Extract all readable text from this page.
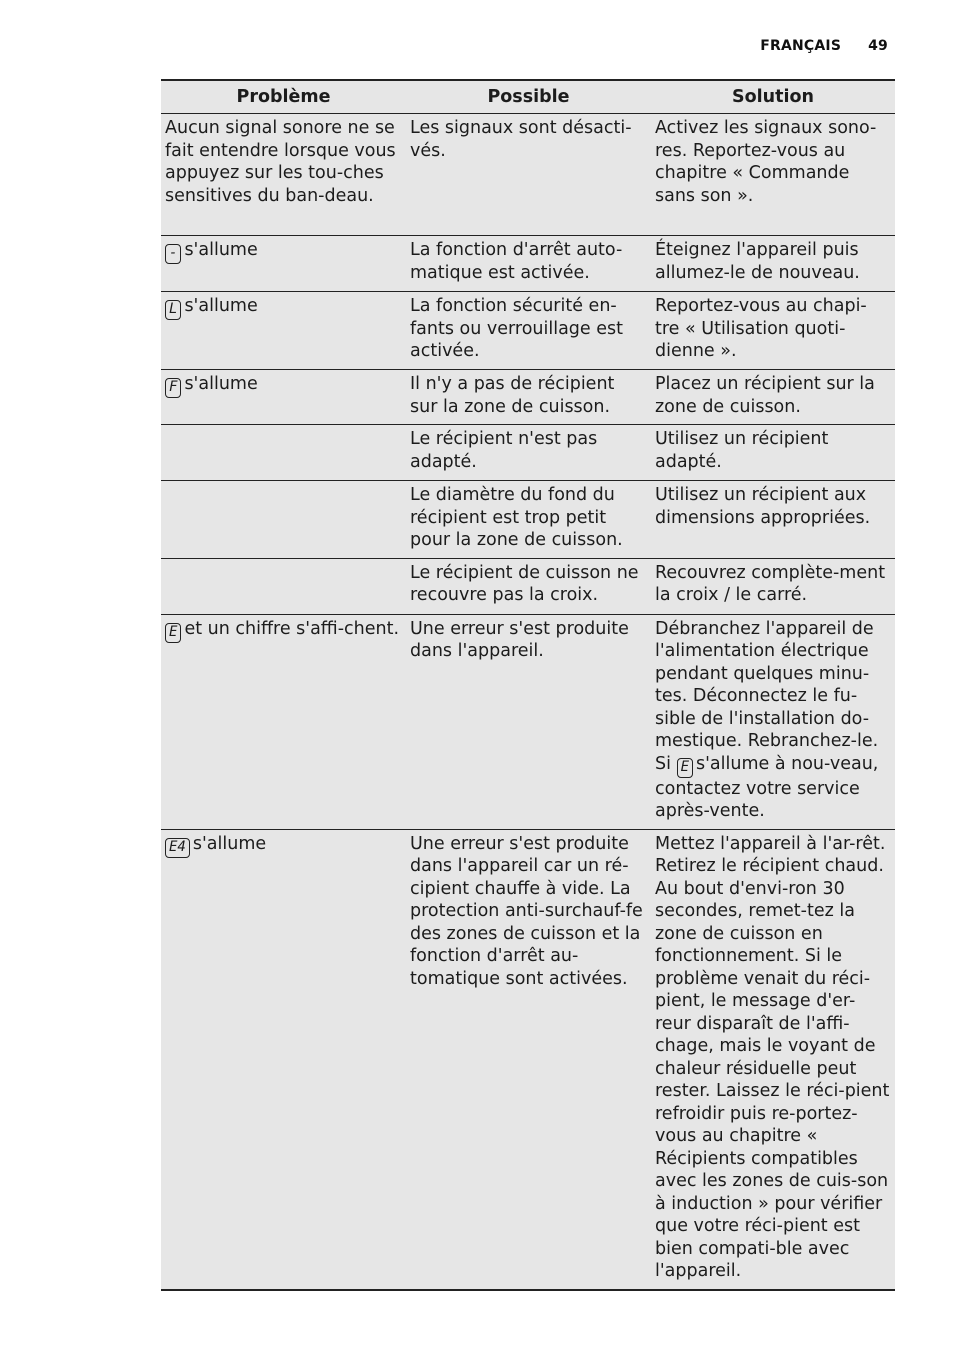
FRANÇAIS 49
Problème	Possible	Solution
Aucun signal sonore ne se fait entendre lorsque vous appuyez sur les tou-ches sensitives du ban-deau.	Les signaux sont désacti-vés.	Activez les signaux sono-res. Reportez-vous au chapitre « Commande sans son ».
- s'allume	La fonction d'arrêt auto-matique est activée.	Éteignez l'appareil puis allumez-le de nouveau.
L s'allume	La fonction sécurité en-fants ou verrouillage est activée.	Reportez-vous au chapi-tre « Utilisation quoti-dienne ».
F s'allume	Il n'y a pas de récipient sur la zone de cuisson.	Placez un récipient sur la zone de cuisson.
	Le récipient n'est pas adapté.	Utilisez un récipient adapté.
	Le diamètre du fond du récipient est trop petit pour la zone de cuisson.	Utilisez un récipient aux dimensions appropriées.
	Le récipient de cuisson ne recouvre pas la croix.	Recouvrez complète-ment la croix / le carré.
E et un chiffre s'affi-chent.	Une erreur s'est produite dans l'appareil.	Débranchez l'appareil de l'alimentation électrique pendant quelques minu-tes. Déconnectez le fu-sible de l'installation do-mestique. Rebranchez-le. Si E s'allume à nou-veau, contactez votre service après-vente.
E4 s'allume	Une erreur s'est produite dans l'appareil car un ré-cipient chauffe à vide. La protection anti-surchauf-fe des zones de cuisson et la fonction d'arrêt au-tomatique sont activées.	Mettez l'appareil à l'ar-rêt. Retirez le récipient chaud. Au bout d'envi-ron 30 secondes, remet-tez la zone de cuisson en fonctionnement. Si le problème venait du réci-pient, le message d'er-reur disparaît de l'affi-chage, mais le voyant de chaleur résiduelle peut rester. Laissez le réci-pient refroidir puis re-portez-vous au chapitre « Récipients compatibles avec les zones de cuis-son à induction » pour vérifier que votre réci-pient est bien compati-ble avec l'appareil.
